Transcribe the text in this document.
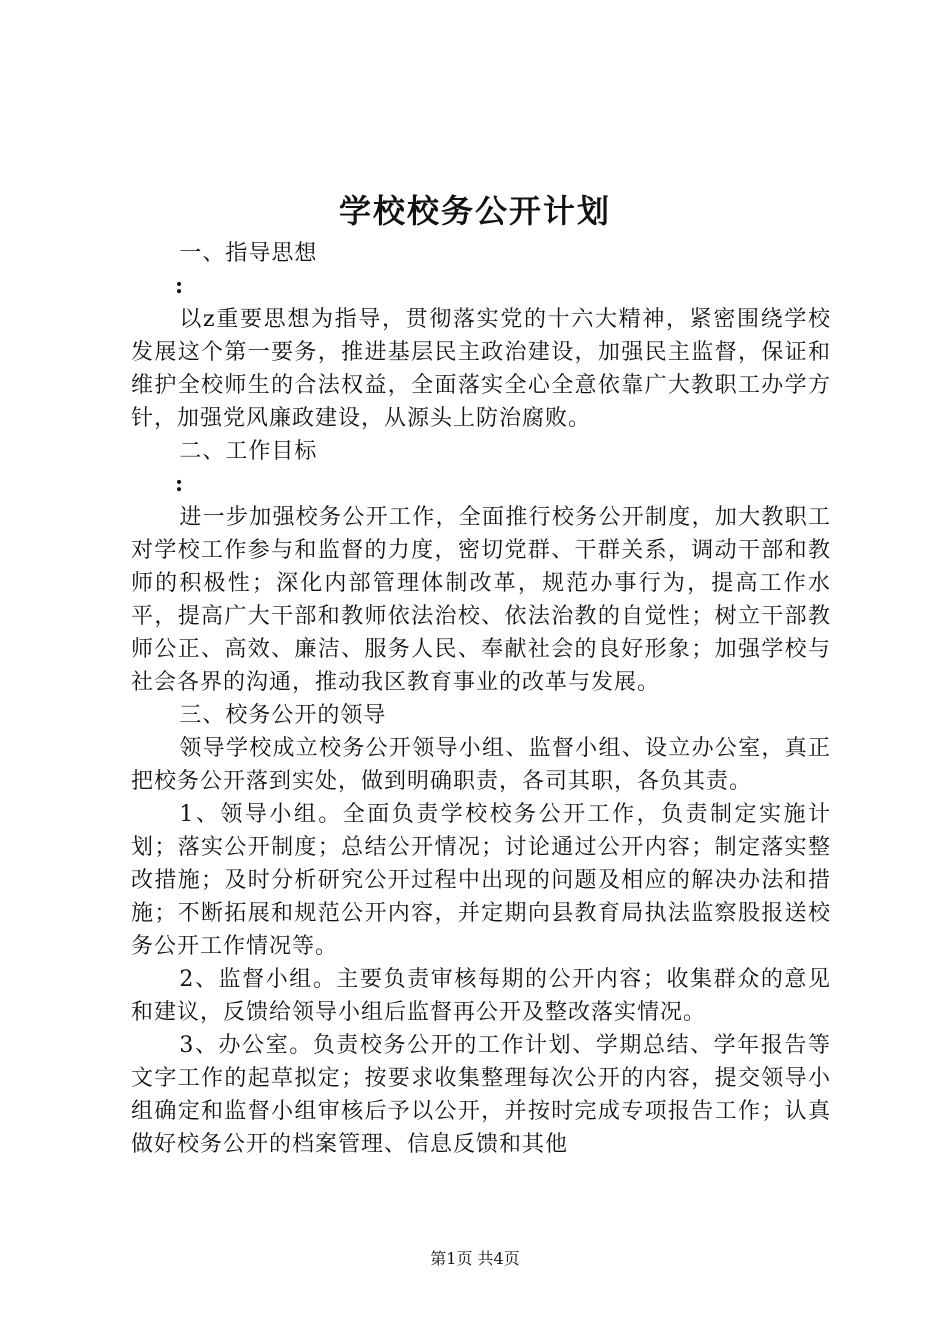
学校校务公开计划

一、指导思想

:

以z重要思想为指导，贯彻落实党的十六大精神，紧密围绕学校发展这个第一要务，推进基层民主政治建设，加强民主监督，保证和维护全校师生的合法权益，全面落实全心全意依靠广大教职工办学方针，加强党风廉政建设，从源头上防治腐败。

二、工作目标

:

进一步加强校务公开工作，全面推行校务公开制度，加大教职工对学校工作参与和监督的力度，密切党群、干群关系，调动干部和教师的积极性；深化内部管理体制改革，规范办事行为，提高工作水平，提高广大干部和教师依法治校、依法治教的自觉性；树立干部教师公正、高效、廉洁、服务人民、奉献社会的良好形象；加强学校与社会各界的沟通，推动我区教育事业的改革与发展。

三、校务公开的领导

领导学校成立校务公开领导小组、监督小组、设立办公室，真正把校务公开落到实处，做到明确职责，各司其职，各负其责。

1、领导小组。全面负责学校校务公开工作，负责制定实施计划；落实公开制度；总结公开情况；讨论通过公开内容；制定落实整改措施；及时分析研究公开过程中出现的问题及相应的解决办法和措施；不断拓展和规范公开内容，并定期向县教育局执法监察股报送校务公开工作情况等。

2、监督小组。主要负责审核每期的公开内容；收集群众的意见和建议，反馈给领导小组后监督再公开及整改落实情况。

3、办公室。负责校务公开的工作计划、学期总结、学年报告等文字工作的起草拟定；按要求收集整理每次公开的内容，提交领导小组确定和监督小组审核后予以公开，并按时完成专项报告工作；认真做好校务公开的档案管理、信息反馈和其他

第1页 共4页
